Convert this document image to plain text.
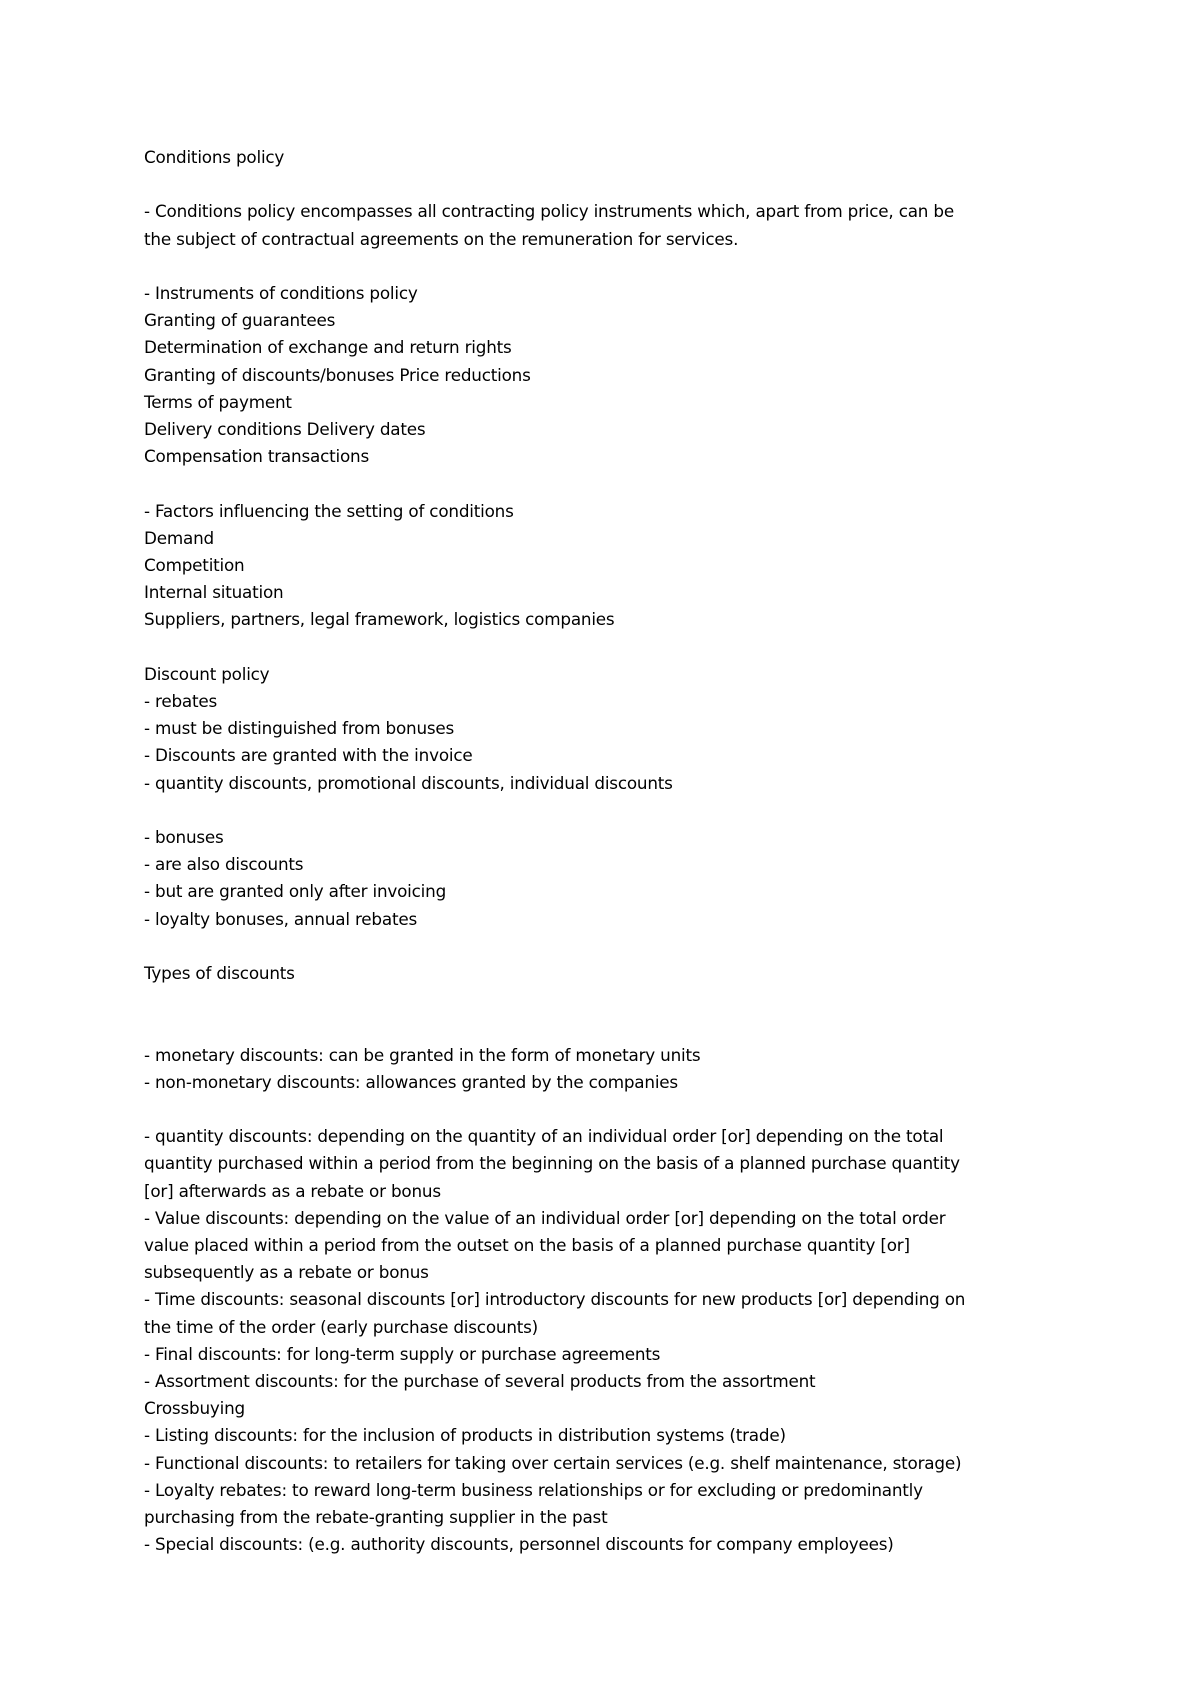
Conditions policy
- Conditions policy encompasses all contracting policy instruments which, apart from price, can be
the subject of contractual agreements on the remuneration for services.
- Instruments of conditions policy
Granting of guarantees
Determination of exchange and return rights
Granting of discounts/bonuses Price reductions
Terms of payment
Delivery conditions Delivery dates
Compensation transactions
- Factors influencing the setting of conditions
Demand
Competition
Internal situation
Suppliers, partners, legal framework, logistics companies
Discount policy
- rebates
- must be distinguished from bonuses
- Discounts are granted with the invoice
- quantity discounts, promotional discounts, individual discounts
- bonuses
- are also discounts
- but are granted only after invoicing
- loyalty bonuses, annual rebates
Types of discounts
- monetary discounts: can be granted in the form of monetary units
- non-monetary discounts: allowances granted by the companies
- quantity discounts: depending on the quantity of an individual order [or] depending on the total
quantity purchased within a period from the beginning on the basis of a planned purchase quantity
[or] afterwards as a rebate or bonus
- Value discounts: depending on the value of an individual order [or] depending on the total order
value placed within a period from the outset on the basis of a planned purchase quantity [or]
subsequently as a rebate or bonus
- Time discounts: seasonal discounts [or] introductory discounts for new products [or] depending on
the time of the order (early purchase discounts)
- Final discounts: for long-term supply or purchase agreements
- Assortment discounts: for the purchase of several products from the assortment
Crossbuying
- Listing discounts: for the inclusion of products in distribution systems (trade)
- Functional discounts: to retailers for taking over certain services (e.g. shelf maintenance, storage)
- Loyalty rebates: to reward long-term business relationships or for excluding or predominantly
purchasing from the rebate-granting supplier in the past
- Special discounts: (e.g. authority discounts, personnel discounts for company employees)
